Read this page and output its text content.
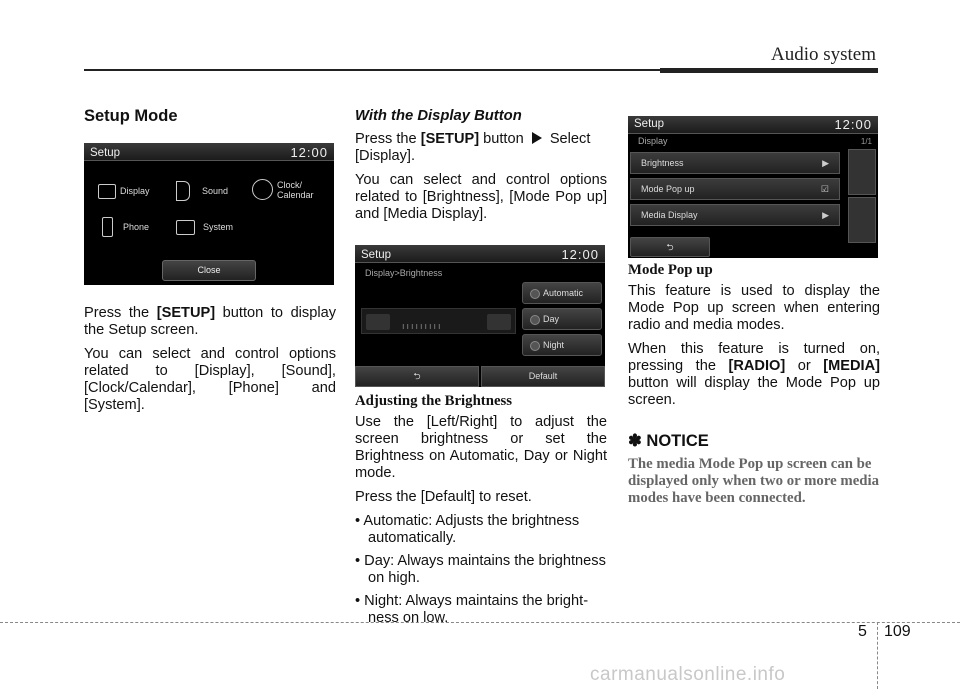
Audio system
Setup Mode
Setup	12:00
Display	Sound
Clock/
Calendar
Phone	System
Close

Press the [SETUP] button to display the Setup screen.

You can select and control options related to [Display], [Sound], [Clock/Calendar], [Phone] and [System].

With the Display Button

Press the [SETUP] button  Select [Display].

You can select and control options related to [Brightness], [Mode Pop up] and [Media Display].

Setup	12:00
Display>Brightness
ııııııııı
Automatic
Day
Night
⮌	Default
Adjusting the Brightness

Use the [Left/Right] to adjust the screen brightness or set the Brightness on Automatic, Day or Night mode.

Press the [Default] to reset.

• Automatic: Adjusts the brightness automatically.
• Day: Always maintains the brightness on high.
• Night: Always maintains the brightness on low.
Setup	12:00
Display	1/1
Brightness	▶
Mode Pop up	☑
Media Display	▶
⮌
Mode Pop up

This feature is used to display the Mode Pop up screen when entering radio and media modes.

When this feature is turned on, pressing the [RADIO] or [MEDIA] button will display the Mode Pop up screen.

✽ NOTICE
The media Mode Pop up screen can be displayed only when two or more media modes have been connected.
5 109
carmanualsonline.info
